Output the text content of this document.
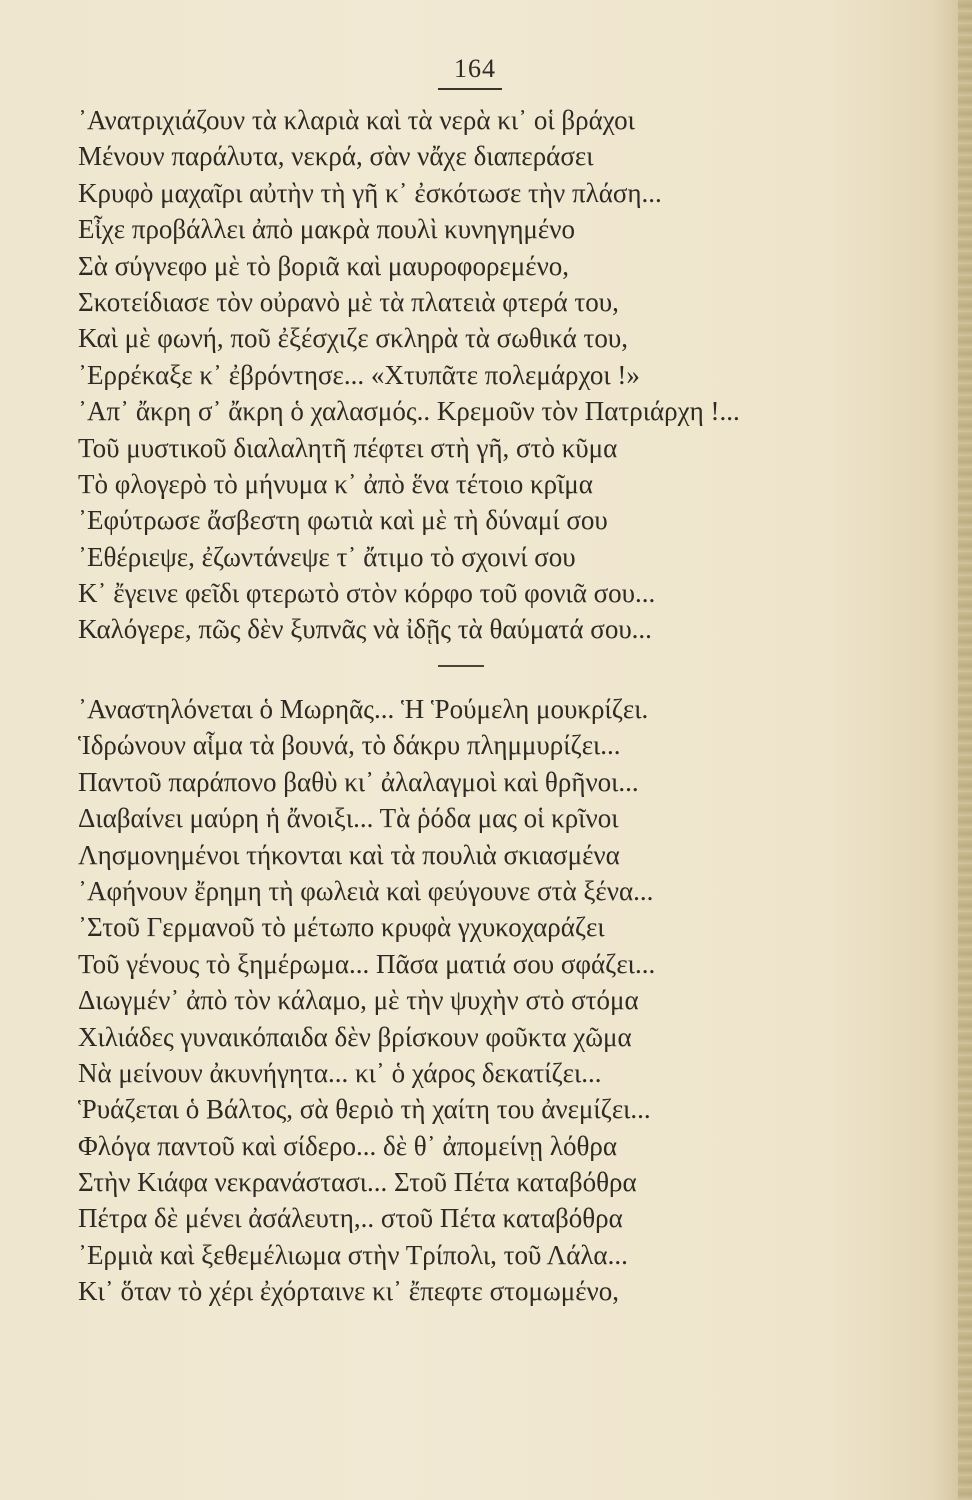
164
᾿Ανατριχιάζουν τὰ κλαριὰ καὶ τὰ νερὰ κι᾿ οἱ βράχοι
Μένουν παράλυτα, νεκρά, σὰν νἄχε διαπεράσει
Κρυφὸ μαχαῖρι αὐτὴν τὴ γῆ κ᾿ ἐσκότωσε τὴν πλάση...
Εἶχε προβάλλει ἀπὸ μακρὰ πουλὶ κυνηγημένο
Σὰ σύγνεφο μὲ τὸ βοριᾶ καὶ μαυροφορεμένο,
Σκοτείδιασε τὸν οὐρανὸ μὲ τὰ πλατειὰ φτερά του,
Καὶ μὲ φωνή, ποῦ ἐξέσχιζε σκληρὰ τὰ σωθικά του,
᾿Ερρέκαξε κ᾿ ἐβρόντησε... «Χτυπᾶτε πολεμάρχοι !»
᾿Απ᾿ ἄκρη σ᾿ ἄκρη ὁ χαλασμός.. Κρεμοῦν τὸν Πατριάρχη !...
Τοῦ μυστικοῦ διαλαλητῆ πέφτει στὴ γῆ, στὸ κῦμα
Τὸ φλογερὸ τὸ μήνυμα κ᾿ ἀπὸ ἕνα τέτοιο κρῖμα
᾿Εφύτρωσε ἄσβεστη φωτιὰ καὶ μὲ τὴ δύναμί σου
᾿Εθέριεψε, ἐζωντάνεψε τ᾿ ἄτιμο τὸ σχοινί σου
Κ᾿ ἔγεινε φεῖδι φτερωτὸ στὸν κόρφο τοῦ φονιᾶ σου...
Καλόγερε, πῶς δὲν ξυπνᾶς νὰ ἰδῇς τὰ θαύματά σου...
᾿Αναστηλόνεται ὁ Μωρηᾶς... Ἡ Ῥούμελη μουκρίζει.
Ἱδρώνουν αἷμα τὰ βουνά, τὸ δάκρυ πλημμυρίζει...
Παντοῦ παράπονο βαθὺ κι᾿ ἀλαλαγμοὶ καὶ θρῆνοι...
Διαβαίνει μαύρη ἡ ἄνοιξι... Τὰ ῥόδα μας οἱ κρῖνοι
Λησμονημένοι τήκονται καὶ τὰ πουλιὰ σκιασμένα
᾿Αφήνουν ἔρημη τὴ φωλειὰ καὶ φεύγουνε στὰ ξένα...
᾿Στοῦ Γερμανοῦ τὸ μέτωπο κρυφὰ γχυκοχαράζει
Τοῦ γένους τὸ ξημέρωμα... Πᾶσα ματιά σου σφάζει...
Διωγμέν᾿ ἀπὸ τὸν κάλαμο, μὲ τὴν ψυχὴν στὸ στόμα
Χιλιάδες γυναικόπαιδα δὲν βρίσκουν φοῦκτα χῶμα
Νὰ μείνουν ἀκυνήγητα... κι᾿ ὁ χάρος δεκατίζει...
Ῥυάζεται ὁ Βάλτος, σὰ θεριὸ τὴ χαίτη του ἀνεμίζει...
Φλόγα παντοῦ καὶ σίδερο... δὲ θ᾿ ἀπομείνῃ λόθρα
Στὴν Κιάφα νεκρανάστασι... Στοῦ Πέτα καταβόθρα
Πέτρα δὲ μένει ἀσάλευτη,.. στοῦ Πέτα καταβόθρα
᾿Ερμιὰ καὶ ξεθεμέλιωμα στὴν Τρίπολι, τοῦ Λάλα...
Κι᾿ ὅταν τὸ χέρι ἐχόρταινε κι᾿ ἔπεφτε στομωμένο,
